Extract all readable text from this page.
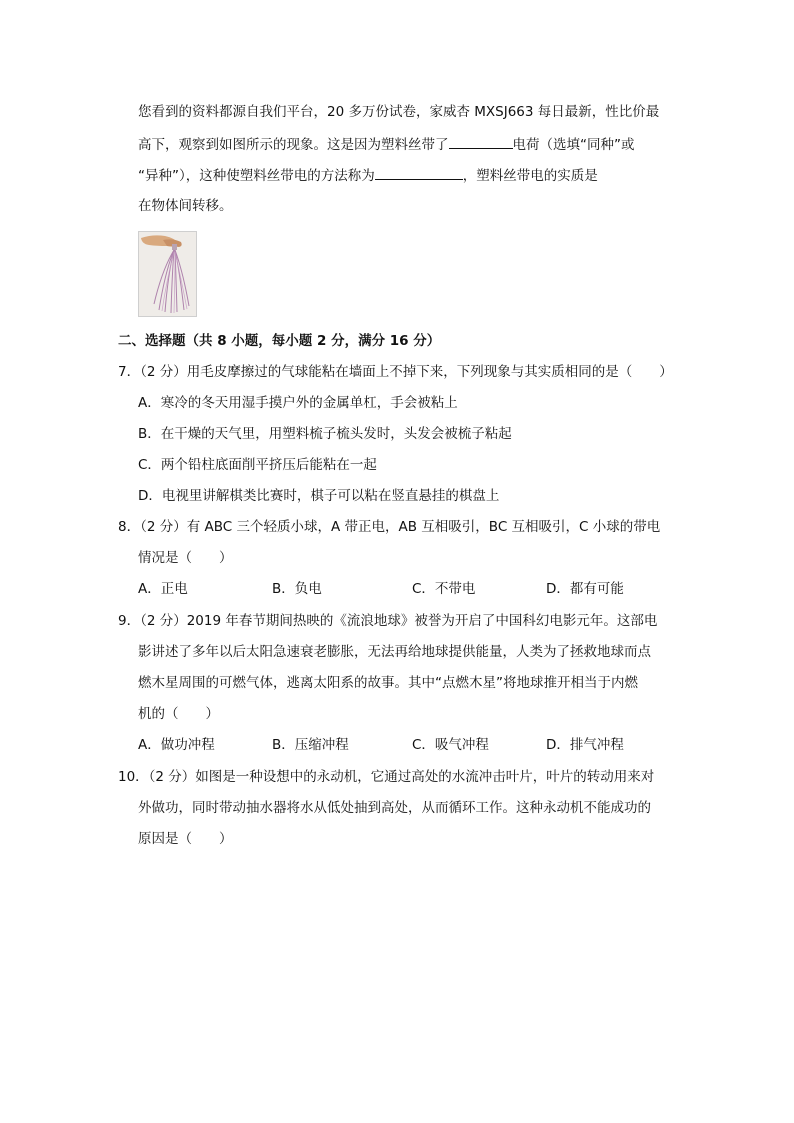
您看到的资料都源自我们平台，20 多万份试卷，家威杏 MXSJ663 每日最新，性比价最
高下，观察到如图所示的现象。这是因为塑料丝带了	电荷（选填“同种”或
“异种”），这种使塑料丝带电的方法称为	，塑料丝带电的实质是
在物体间转移。
二、选择题（共 8 小题，每小题 2 分，满分 16 分）
7．（2 分）用毛皮摩擦过的气球能粘在墙面上不掉下来，下列现象与其实质相同的是（　　）
A．寒冷的冬天用湿手摸户外的金属单杠，手会被粘上
B．在干燥的天气里，用塑料梳子梳头发时，头发会被梳子粘起
C．两个铅柱底面削平挤压后能粘在一起
D．电视里讲解棋类比赛时，棋子可以粘在竖直悬挂的棋盘上
8．（2 分）有 ABC 三个轻质小球，A 带正电，AB 互相吸引，BC 互相吸引，C 小球的带电
情况是（　　）
A．正电	B．负电	C．不带电	D．都有可能
9．（2 分）2019 年春节期间热映的《流浪地球》被誉为开启了中国科幻电影元年。这部电
影讲述了多年以后太阳急速衰老膨胀，无法再给地球提供能量，人类为了拯救地球而点
燃木星周围的可燃气体，逃离太阳系的故事。其中“点燃木星”将地球推开相当于内燃
机的（　　）
A．做功冲程	B．压缩冲程	C．吸气冲程	D．排气冲程
10．（2 分）如图是一种设想中的永动机，它通过高处的水流冲击叶片，叶片的转动用来对
外做功，同时带动抽水器将水从低处抽到高处，从而循环工作。这种永动机不能成功的
原因是（　　）
